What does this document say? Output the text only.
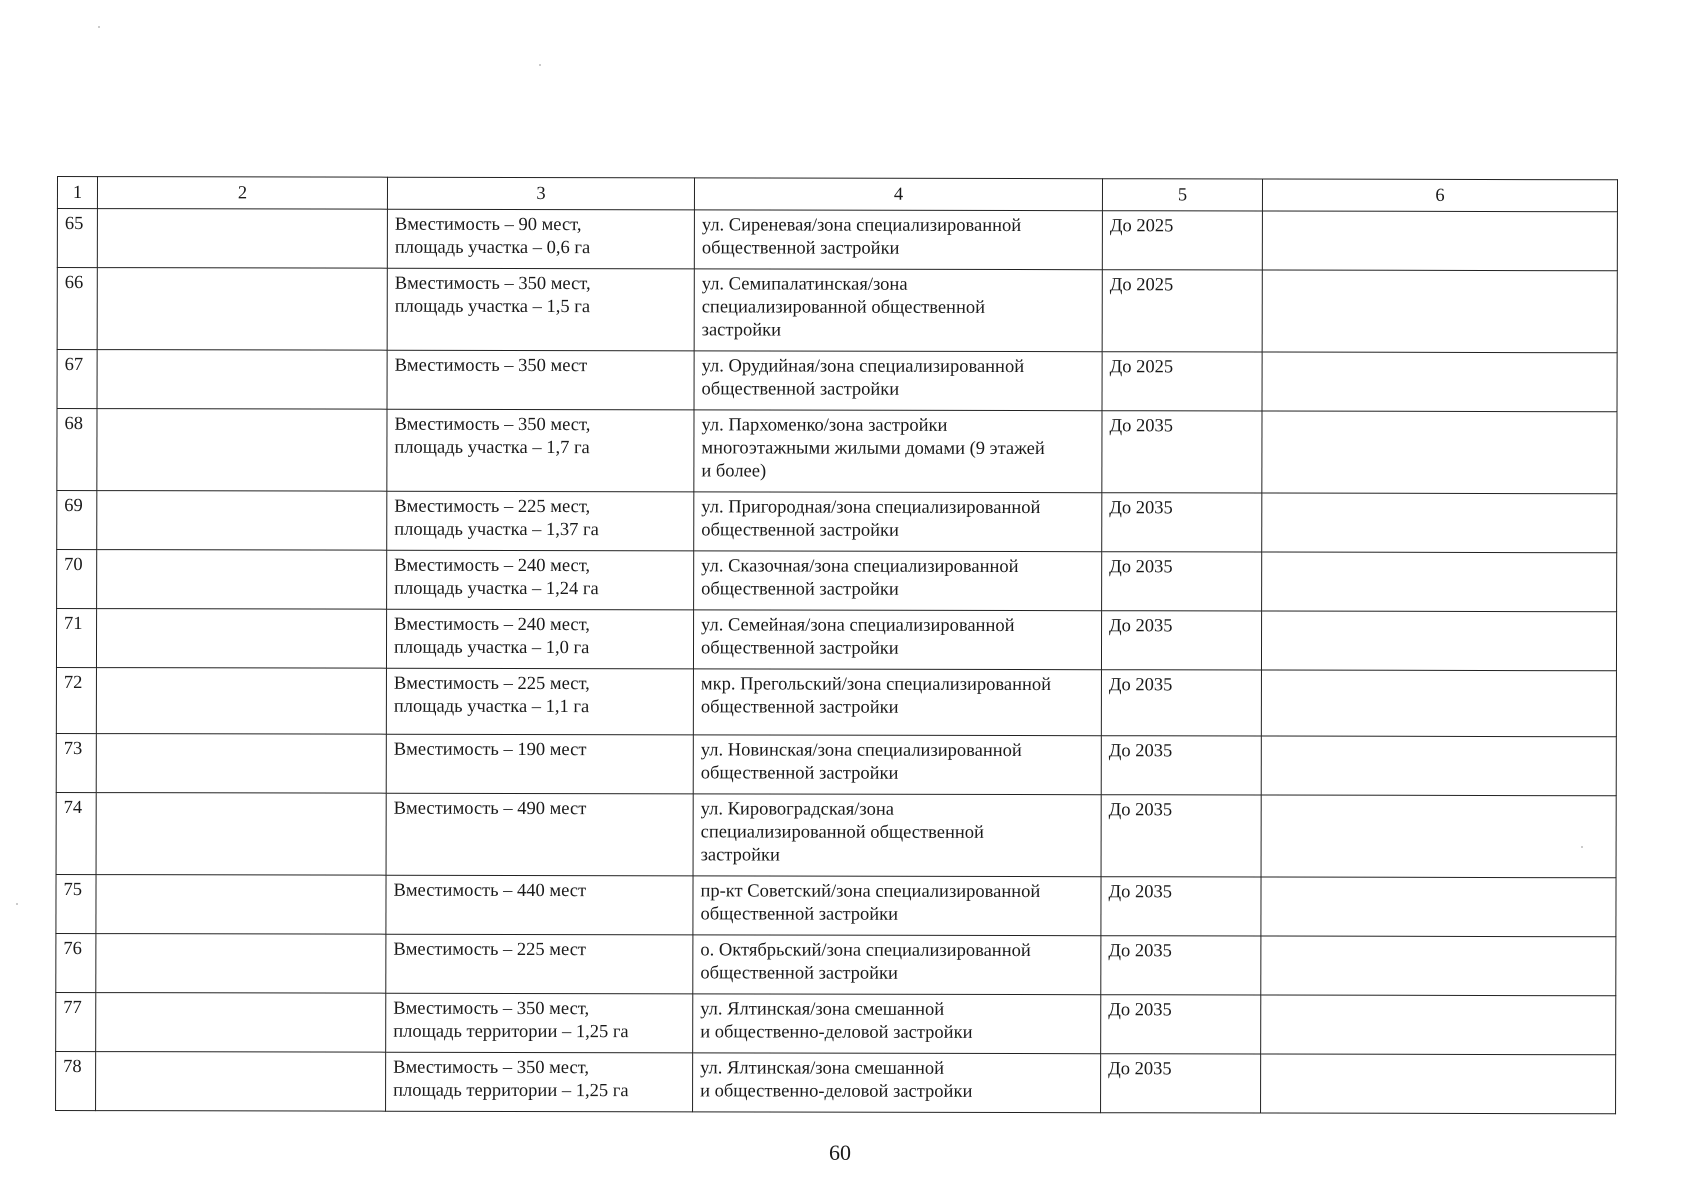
1	2	3	4	5	6
65		Вместимость – 90 мест,
площадь участка – 0,6 га	ул. Сиреневая/зона специализированной
общественной застройки	До 2025	
66		Вместимость – 350 мест,
площадь участка – 1,5 га	ул. Семипалатинская/зона
специализированной общественной
застройки	До 2025	
67		Вместимость – 350 мест	ул. Орудийная/зона специализированной
общественной застройки	До 2025	
68		Вместимость – 350 мест,
площадь участка – 1,7 га	ул. Пархоменко/зона застройки
многоэтажными жилыми домами (9 этажей
и более)	До 2035	
69		Вместимость – 225 мест,
площадь участка – 1,37 га	ул. Пригородная/зона специализированной
общественной застройки	До 2035	
70		Вместимость – 240 мест,
площадь участка – 1,24 га	ул. Сказочная/зона специализированной
общественной застройки	До 2035	
71		Вместимость – 240 мест,
площадь участка – 1,0 га	ул. Семейная/зона специализированной
общественной застройки	До 2035	
72		Вместимость – 225 мест,
площадь участка – 1,1 га	мкр. Прегольский/зона специализированной
общественной застройки	До 2035	
73		Вместимость – 190 мест	ул. Новинская/зона специализированной
общественной застройки	До 2035	
74		Вместимость – 490 мест	ул. Кировоградская/зона
специализированной общественной
застройки	До 2035	
75		Вместимость – 440 мест	пр-кт Советский/зона специализированной
общественной застройки	До 2035	
76		Вместимость – 225 мест	о. Октябрьский/зона специализированной
общественной застройки	До 2035	
77		Вместимость – 350 мест,
площадь территории – 1,25 га	ул. Ялтинская/зона смешанной
и общественно-деловой застройки	До 2035	
78		Вместимость – 350 мест,
площадь территории – 1,25 га	ул. Ялтинская/зона смешанной
и общественно-деловой застройки	До 2035	
60
